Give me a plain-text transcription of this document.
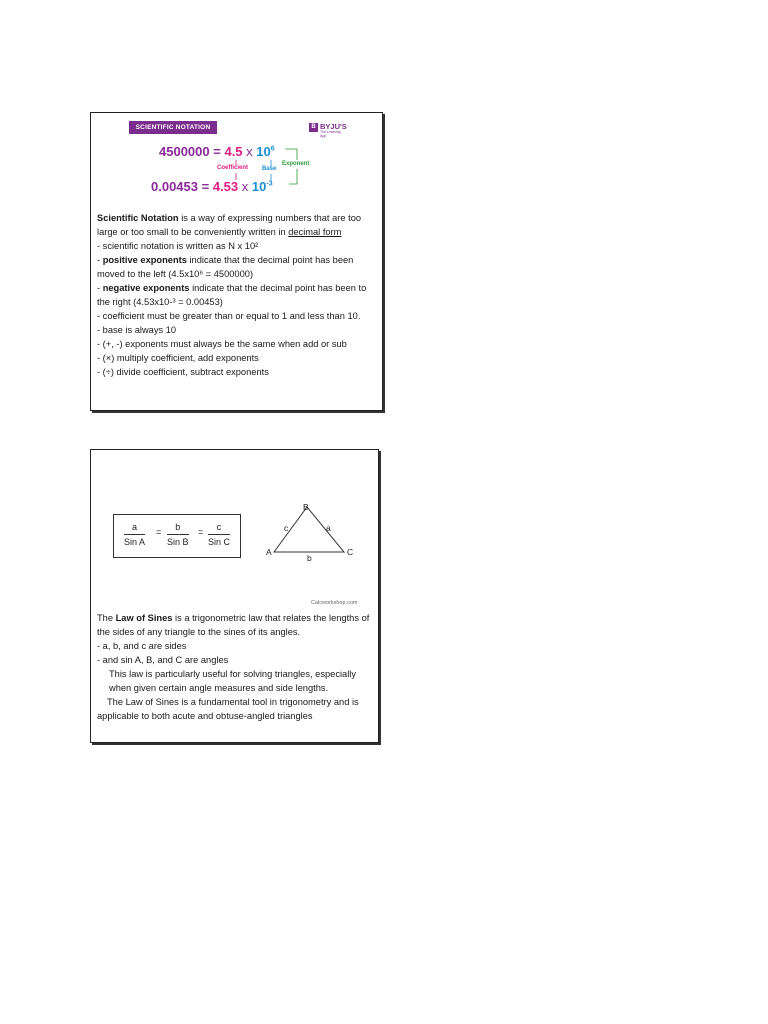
SCIENTIFIC NOTATION	B BYJU'S
The Learning App
4500000 = 4.5 x $10^6$
Coefficient Base
Exponent
0.00453 = 4.53 x $10^{-3}$
Scientific Notation is a way of expressing numbers that are too large or too small to be conveniently written in decimal form
- scientific notation is written as N x 10²
- positive exponents indicate that the decimal point has been moved to the left (4.5x10⁶ = 4500000)
- negative exponents indicate that the decimal point has been to the right (4.53x10-³ = 0.00453)
- coefficient must be greater than or equal to 1 and less than 10.
- base is always 10
- (+, -) exponents must always be the same when add or sub
- (×) multiply coefficient, add exponents
- (÷) divide coefficient, subtract exponents
a
Sin A
=	b
Sin B
=	c
Sin C
B
A	C
c	a
b
Calcworkshop.com
The Law of Sines is a trigonometric law that relates the lengths of the sides of any triangle to the sines of its angles.
- a, b, and c are sides
- and sin A, B, and C are angles
This law is particularly useful for solving triangles, especially when given certain angle measures and side lengths.
The Law of Sines is a fundamental tool in trigonometry and is applicable to both acute and obtuse-angled triangles
